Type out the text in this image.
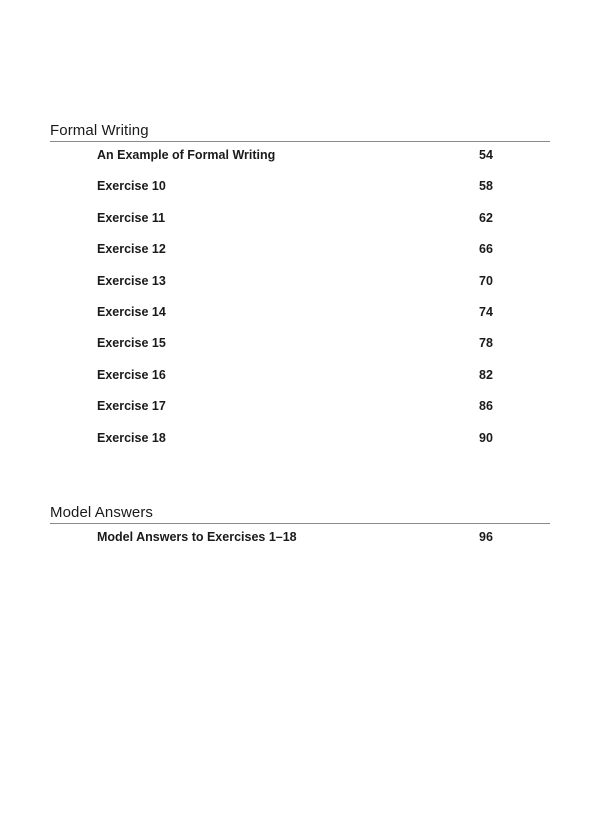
Formal Writing
An Example of Formal Writing	54
Exercise 10	58
Exercise 11	62
Exercise 12	66
Exercise 13	70
Exercise 14	74
Exercise 15	78
Exercise 16	82
Exercise 17	86
Exercise 18	90
Model Answers
Model Answers to Exercises 1–18	96
